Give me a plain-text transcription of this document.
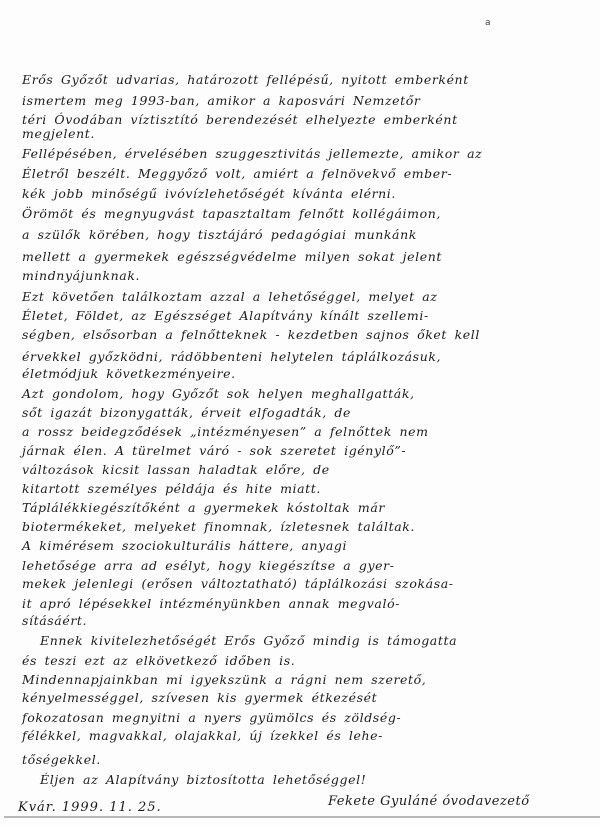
a
Erős Győzőt udvarias, határozott fellépésű, nyitott emberként
ismertem meg 1993-ban, amikor a kaposvári Nemzetőr
téri Óvodában víztisztító berendezését elhelyezte emberként
megjelent.
Fellépésében, érvelésében szuggesztivitás jellemezte, amikor az
Életről beszélt. Meggyőző volt, amiért a felnövekvő ember-
kék jobb minőségű ivóvízlehetőségét kívánta elérni.
Örömöt és megnyugvást tapasztaltam felnőtt kollégáimon,
a szülők körében, hogy tisztájáró pedagógiai munkánk
mellett a gyermekek egészségvédelme milyen sokat jelent
mindnyájunknak.
Ezt követően találkoztam azzal a lehetőséggel, melyet az
Életet, Földet, az Egészséget Alapítvány kínált szellemi-
ségben, elsősorban a felnőtteknek - kezdetben sajnos őket kell
érvekkel győzködni, rádöbbenteni helytelen táplálkozásuk,
életmódjuk következményeire.
Azt gondolom, hogy Győzőt sok helyen meghallgatták,
sőt igazát bizonygatták, érveit elfogadták, de
a rossz beidegződések „intézményesen” a felnőttek nem
járnak élen. A türelmet váró - sok szeretet igénylő”-
változások kicsit lassan haladtak előre, de
kitartott személyes példája és hite miatt.
Táplálékkiegészítőként a gyermekek kóstoltak már
biotermékeket, melyeket finomnak, ízletesnek találtak.
A kimérésem szociokulturális háttere, anyagi
lehetősége arra ad esélyt, hogy kiegészítse a gyer-
mekek jelenlegi (erősen változtatható) táplálkozási szokása-
it apró lépésekkel intézményünkben annak megvaló-
sításáért.
Ennek kivitelezhetőségét Erős Győző mindig is támogatta
és teszi ezt az elkövetkező időben is.
Mindennapjainkban mi igyekszünk a rágni nem szerető,
kényelmességgel, szívesen kis gyermek étkezését
fokozatosan megnyitni a nyers gyümölcs és zöldség-
félékkel, magvakkal, olajakkal, új ízekkel és lehe-
tőségekkel.
Éljen az Alapítvány biztosította lehetőséggel!
Fekete Gyuláné óvodavezető
Kvár. 1999. 11. 25.
